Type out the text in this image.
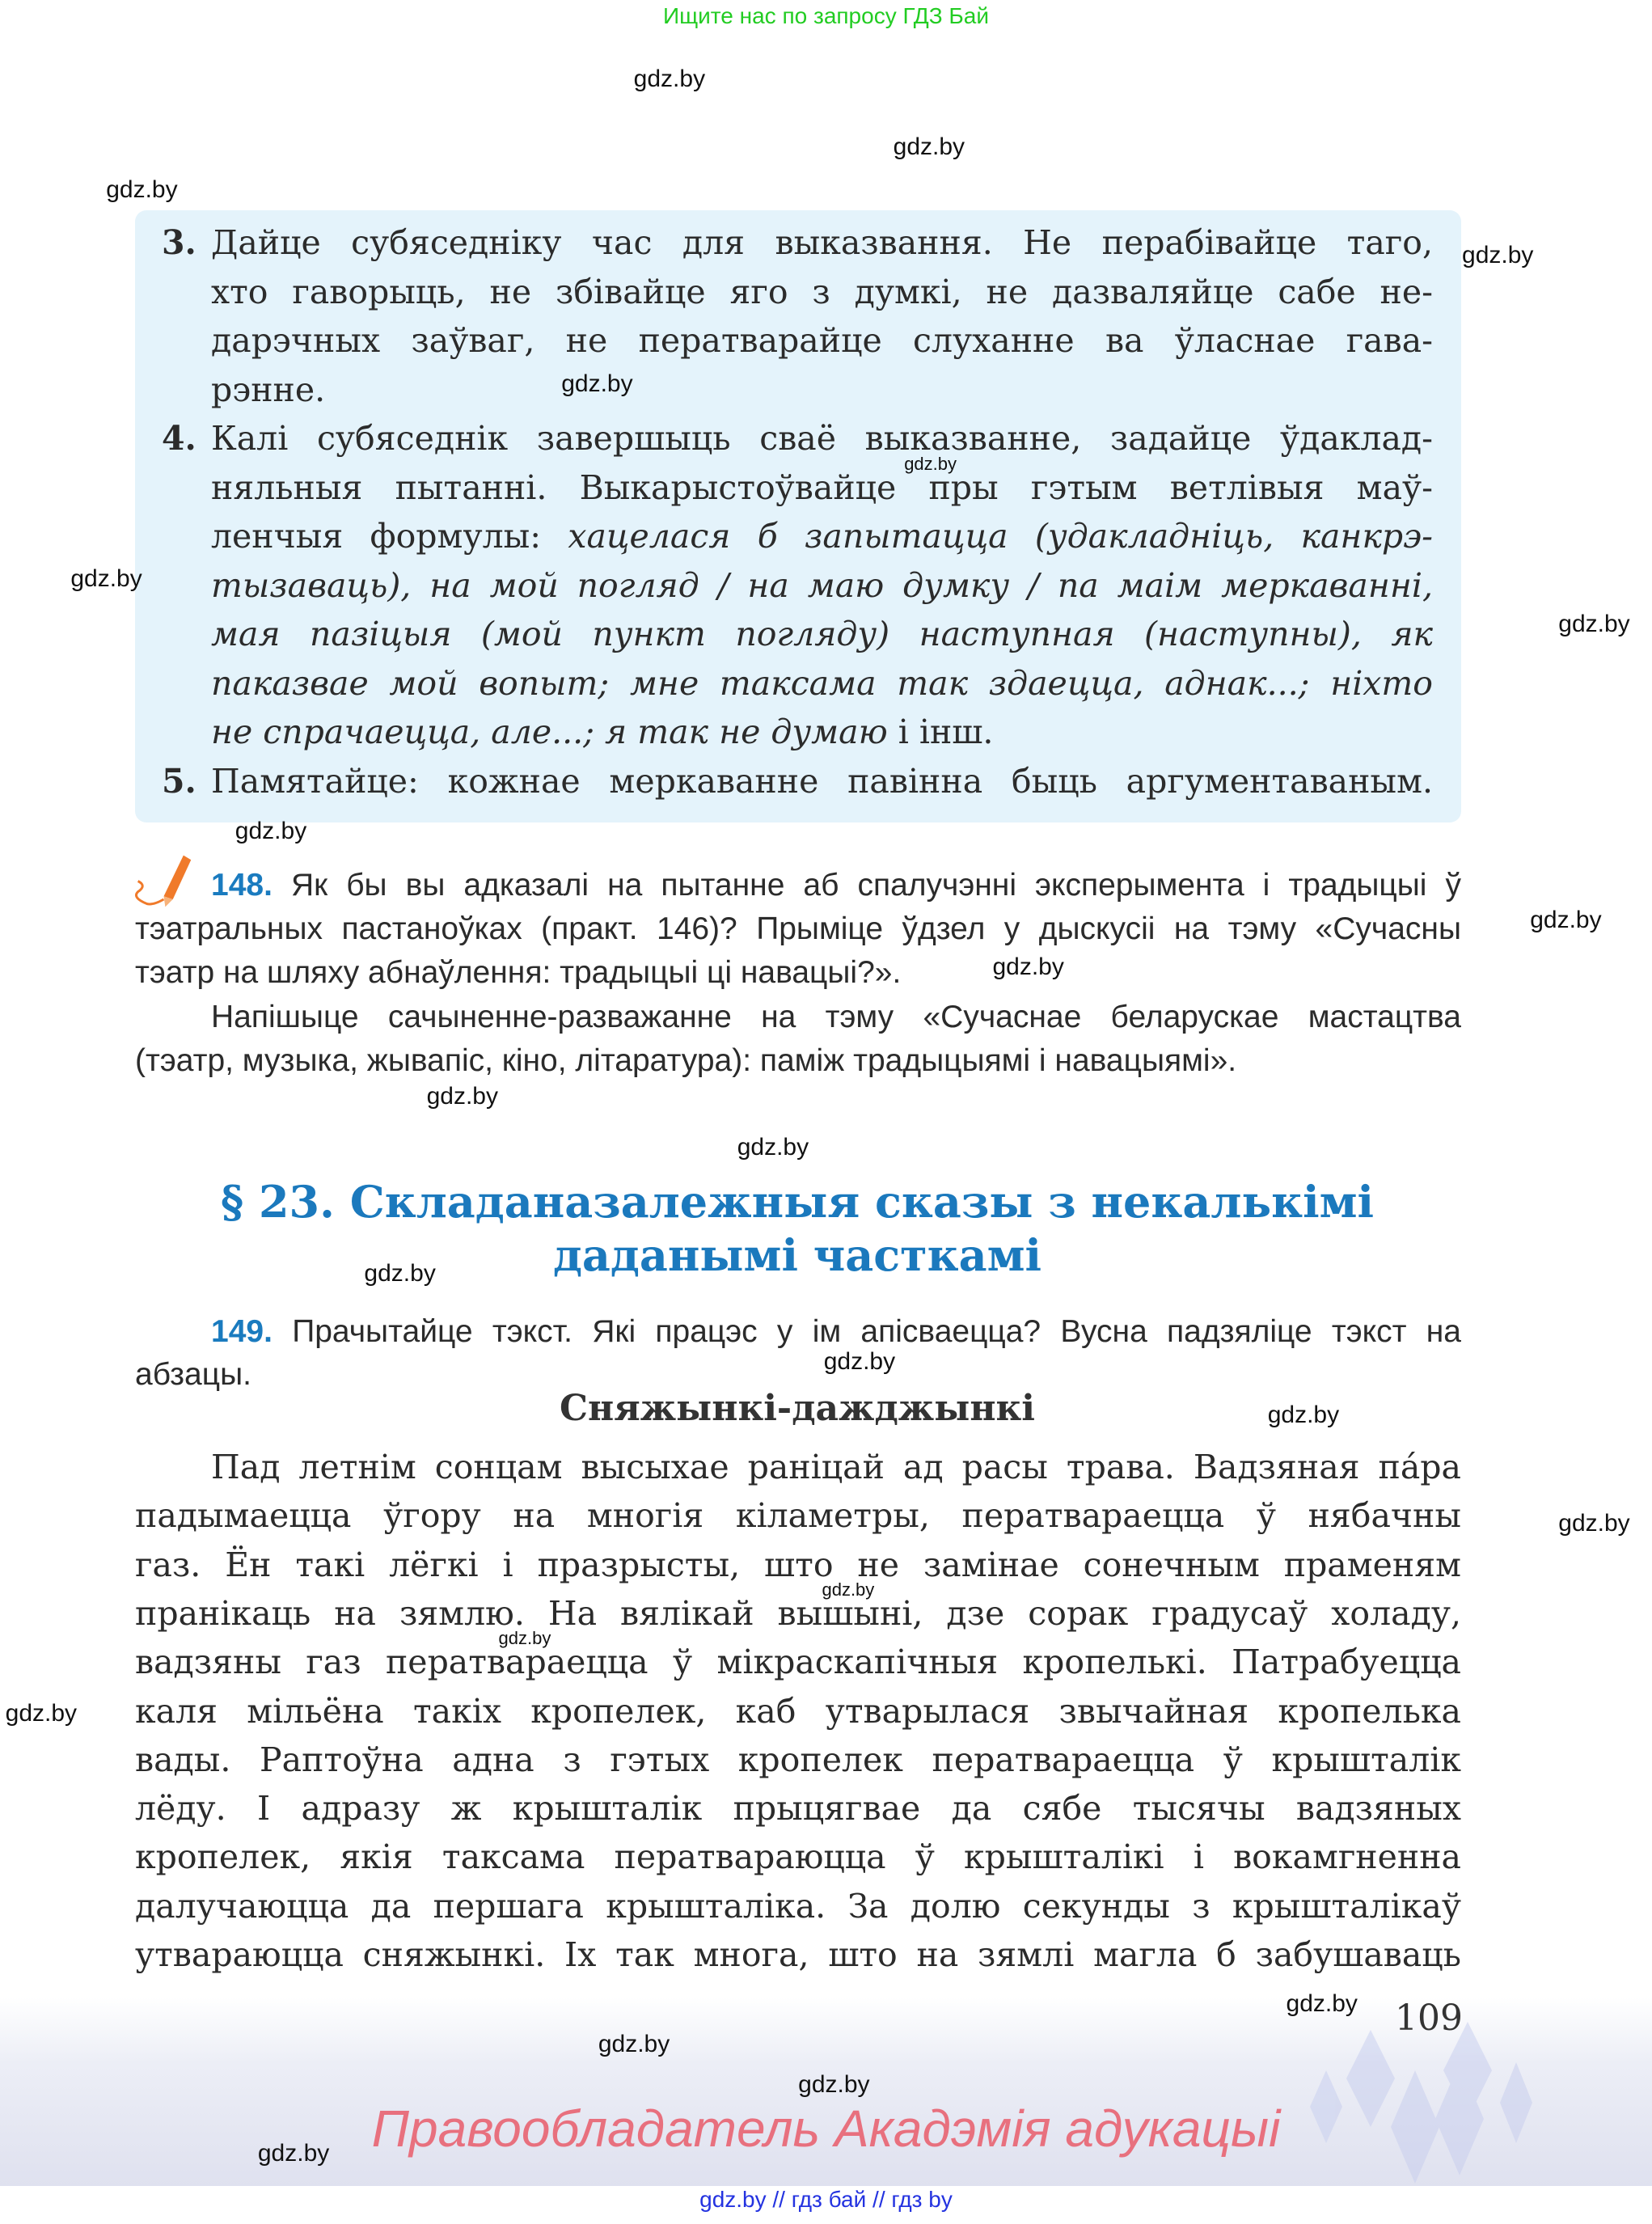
Ищите нас по запросу ГДЗ Бай
3. Дайце субяседніку час для выказвання. Не перабівайце таго,
хто гаворыць, не збівайце яго з думкі, не дазваляйце сабе не-
дарэчных заўваг, не ператварайце слуханне ва ўласнае гава-
рэнне.
4. Калі субяседнік завершыць сваё выказванне, задайце ўдаклад-
няльныя пытанні. Выкарыстоўвайце пры гэтым ветлівыя маў-
ленчыя формулы: хацелася б запытацца (удакладніць, канкрэ-
тызаваць), на мой погляд / на маю думку / па маім меркаванні,
мая пазіцыя (мой пункт погляду) наступная (наступны), як
паказвае мой вопыт; мне таксама так здаецца, аднак...; ніхто
не спрачаецца, але...; я так не думаю і інш.
5. Памятайце: кожнае меркаванне павінна быць аргументаваным.
148. Як бы вы адказалі на пытанне аб спалучэнні эксперымента і традыцыі ў
тэатральных пастаноўках (практ. 146)? Прыміце ўдзел у дыскусіі на тэму «Сучасны
тэатр на шляху абнаўлення: традыцыі ці навацыі?».
Напішыце сачыненне-разважанне на тэму «Сучаснае беларускае мастацтва
(тэатр, музыка, жывапіс, кіно, літаратура): паміж традыцыямі і навацыямі».
§ 23. Складаназалежныя сказы з некалькімі
даданымі часткамі
149. Прачытайце тэкст. Які працэс у ім апісваецца? Вусна падзяліце тэкст на
абзацы.
Сняжынкі-дажджынкі
Пад летнім сонцам высыхае раніцай ад расы трава. Вадзяная па́ра
падымаецца ўгору на многія кіламетры, ператвараецца ў нябачны
газ. Ён такі лёгкі і празрысты, што не замінае сонечным праменям
пранікаць на зямлю. На вялікай вышыні, дзе сорак градусаў холаду,
вадзяны газ ператвараецца ў мікраскапічныя кропелькі. Патрабуецца
каля мільёна такіх кропелек, каб утварылася звычайная кропелька
вады. Раптоўна адна з гэтых кропелек ператвараецца ў крышталік
лёду. І адразу ж крышталік прыцягвае да сябе тысячы вадзяных
кропелек, якія таксама ператвараюцца ў крышталікі і вокамгненна
далучаюцца да першага крышталіка. За долю секунды з крышталікаў
утвараюцца сняжынкі. Іх так многа, што на зямлі магла б забушаваць
109
Правообладатель Акадэмія адукацыі
gdz.by // гдз бай // гдз by
gdz.by
gdz.by
gdz.by
gdz.by
gdz.by
gdz.by
gdz.by
gdz.by
gdz.by
gdz.by
gdz.by
gdz.by
gdz.by
gdz.by
gdz.by
gdz.by
gdz.by
gdz.by
gdz.by
gdz.by
gdz.by
gdz.by
gdz.by
gdz.by
